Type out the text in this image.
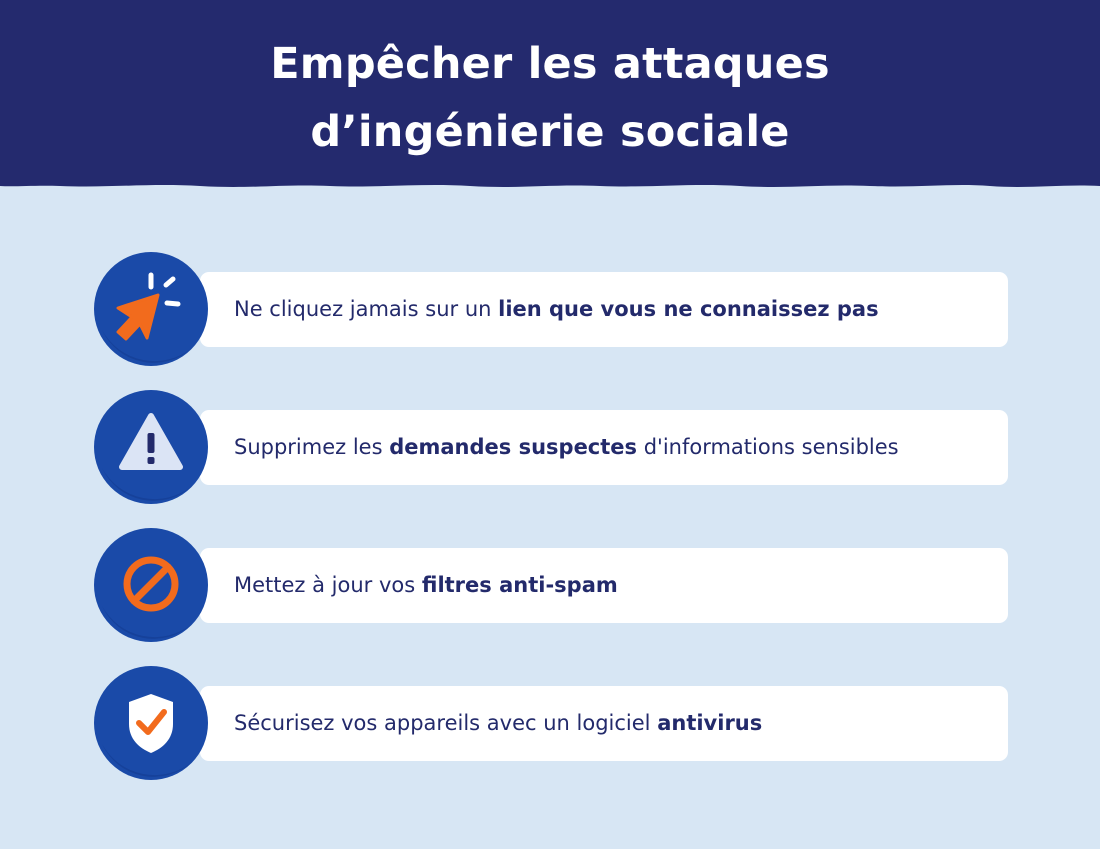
Empêcher les attaques
d’ingénierie sociale
Ne cliquez jamais sur un lien que vous ne connaissez pas
Supprimez les demandes suspectes d'informations sensibles
Mettez à jour vos filtres anti-spam
Sécurisez vos appareils avec un logiciel antivirus
